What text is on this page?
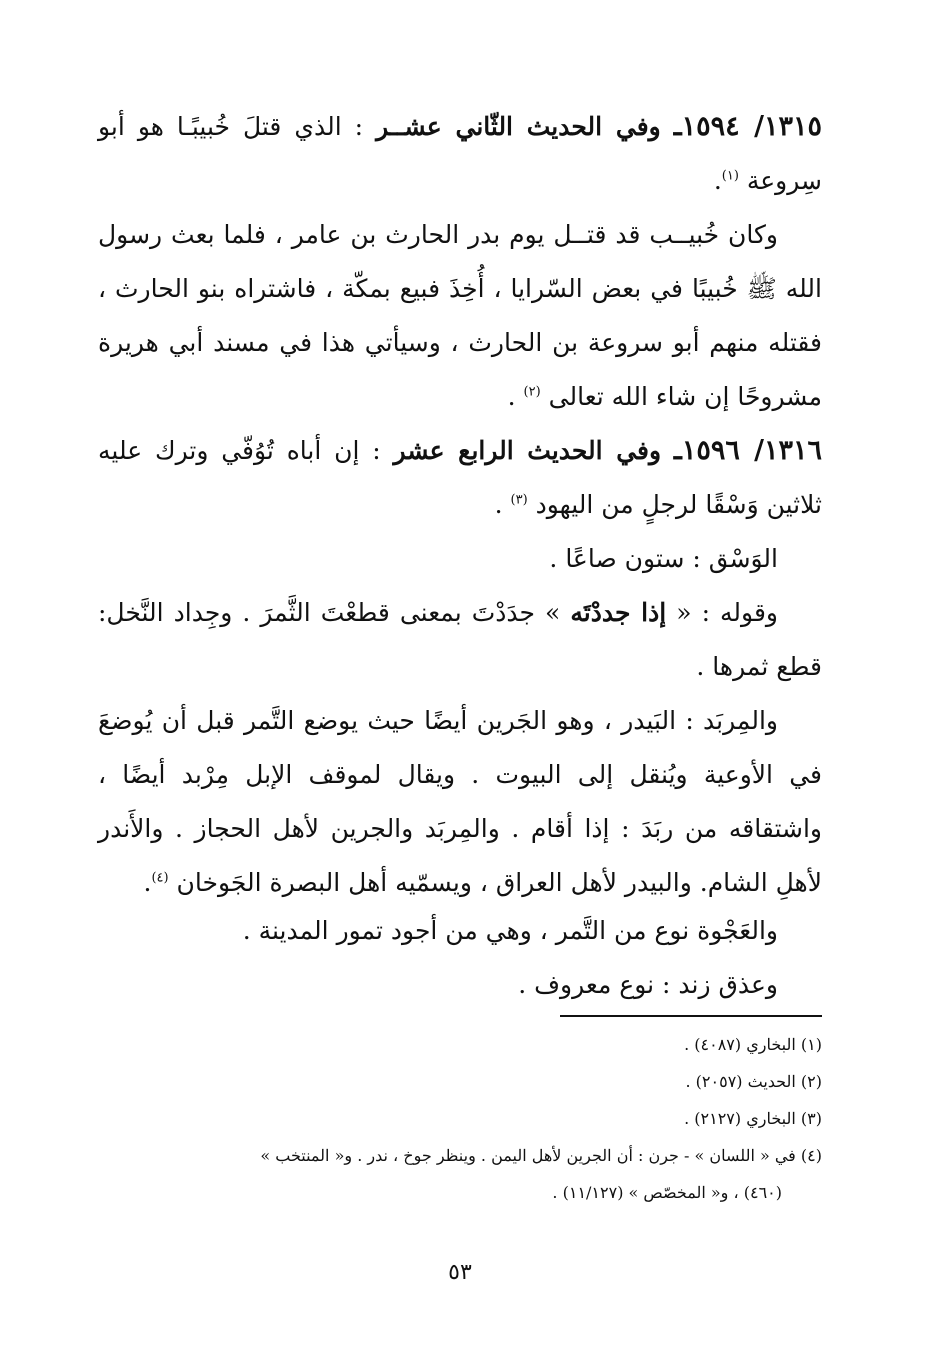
١٣١٥/ ١٥٩٤ـ وفي الحديث الثّاني عشــر : الذي قتلَ خُبيبًـا هو أبو سِروعة $^{(١)}$.

وكان خُبيــب قد قتــل يوم بدر الحارث بن عامر ، فلما بعث رسول الله ﷺ خُبيبًا في بعض السّرايا ، أُخِذَ فبيع بمكّة ، فاشتراه بنو الحارث ، فقتله منهم أبو سروعة بن الحارث ، وسيأتي هذا في مسند أبي هريرة مشروحًا إن شاء الله تعالى $^{(٢)}$ .

١٣١٦/ ١٥٩٦ـ وفي الحديث الرابع عشر : إن أباه تُوُفّي وترك عليه ثلاثين وَسْقًا لرجلٍ من اليهود $^{(٣)}$ .

الوَسْق : ستون صاعًا .

وقوله : « إذا جددْتَه » جدَدْتَ بمعنى قطعْتَ الثَّمرَ . وجِداد النَّخل: قطع ثمرها .

والمِربَد : البَيدر ، وهو الجَرين أيضًا حيث يوضع التَّمر قبل أن يُوضعَ في الأوعية ويُنقل إلى البيوت . ويقال لموقف الإبل مِرْبد أيضًا ، واشتقاقه من ربَدَ : إذا أقام . والمِربَد والجرين لأهل الحجاز . والأَندر لأهلِ الشام. والبيدر لأهل العراق ، ويسمّيه أهل البصرة الجَوخان $^{(٤)}$.

والعَجْوة نوع من التَّمر ، وهي من أجود تمور المدينة .

وعذق زند : نوع معروف .

(١) البخاري (٤٠٨٧) .

(٢) الحديث (٢٠٥٧) .

(٣) البخاري (٢١٢٧) .

(٤) في « اللسان » - جرن : أن الجرين لأهل اليمن . وينظر جوخ ، ندر . و« المنتخب »

(٤٦٠) ، و« المخصّص » (١١/١٢٧) .

٥٣
